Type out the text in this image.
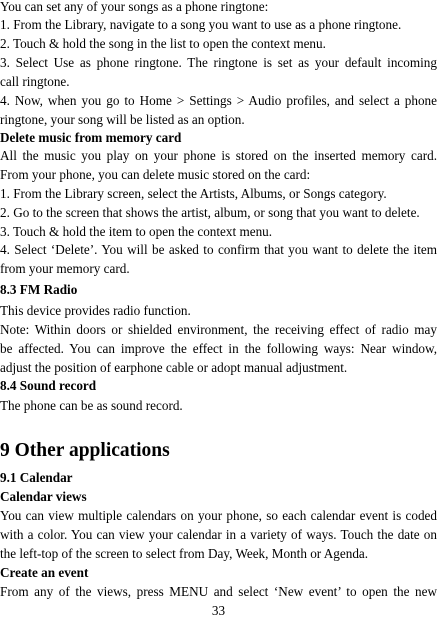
You can set any of your songs as a phone ringtone:
1. From the Library, navigate to a song you want to use as a phone ringtone.
2. Touch & hold the song in the list to open the context menu.
3. Select Use as phone ringtone. The ringtone is set as your default incoming
call ringtone.
4. Now, when you go to Home > Settings > Audio profiles, and select a phone
ringtone, your song will be listed as an option.
Delete music from memory card
All the music you play on your phone is stored on the inserted memory card.
From your phone, you can delete music stored on the card:
1. From the Library screen, select the Artists, Albums, or Songs category.
2. Go to the screen that shows the artist, album, or song that you want to delete.
3. Touch & hold the item to open the context menu.
4. Select ‘Delete’. You will be asked to confirm that you want to delete the item
from your memory card.
8.3 FM Radio
This device provides radio function.
Note: Within doors or shielded environment, the receiving effect of radio may
be affected. You can improve the effect in the following ways: Near window,
adjust the position of earphone cable or adopt manual adjustment.
8.4 Sound record
The phone can be as sound record.
9 Other applications
9.1 Calendar
Calendar views
You can view multiple calendars on your phone, so each calendar event is coded
with a color. You can view your calendar in a variety of ways. Touch the date on
the left-top of the screen to select from Day, Week, Month or Agenda.
Create an event
From any of the views, press MENU and select ‘New event’ to open the new
33
